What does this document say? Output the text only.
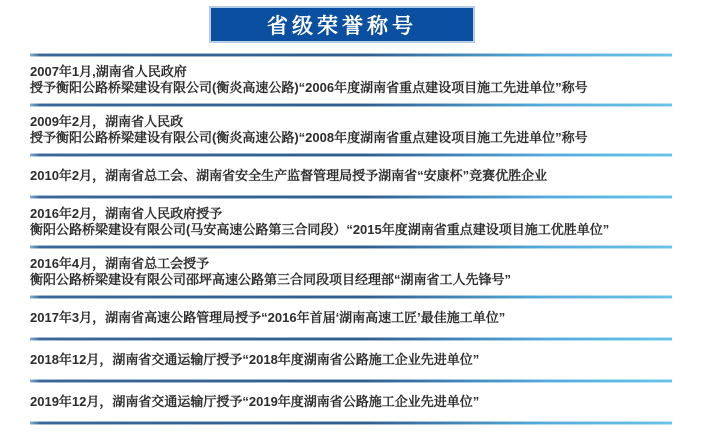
省级荣誉称号
2007年1月,湖南省人民政府
授予衡阳公路桥梁建设有限公司(衡炎高速公路)“2006年度湖南省重点建设项目施工先进单位”称号
2009年2月，湖南省人民政
授予衡阳公路桥梁建设有限公司(衡炎高速公路)“2008年度湖南省重点建设项目施工先进单位”称号
2010年2月，湖南省总工会、湖南省安全生产监督管理局授予湖南省“安康杯”竞赛优胜企业
2016年2月，湖南省人民政府授予
衡阳公路桥梁建设有限公司(马安高速公路第三合同段）“2015年度湖南省重点建设项目施工优胜单位”
2016年4月，湖南省总工会授予
衡阳公路桥梁建设有限公司邵坪高速公路第三合同段项目经理部“湖南省工人先锋号”
2017年3月，湖南省高速公路管理局授予“2016年首届‘湖南高速工匠’最佳施工单位”
2018年12月，湖南省交通运输厅授予“2018年度湖南省公路施工企业先进单位”
2019年12月，湖南省交通运输厅授予“2019年度湖南省公路施工企业先进单位”
